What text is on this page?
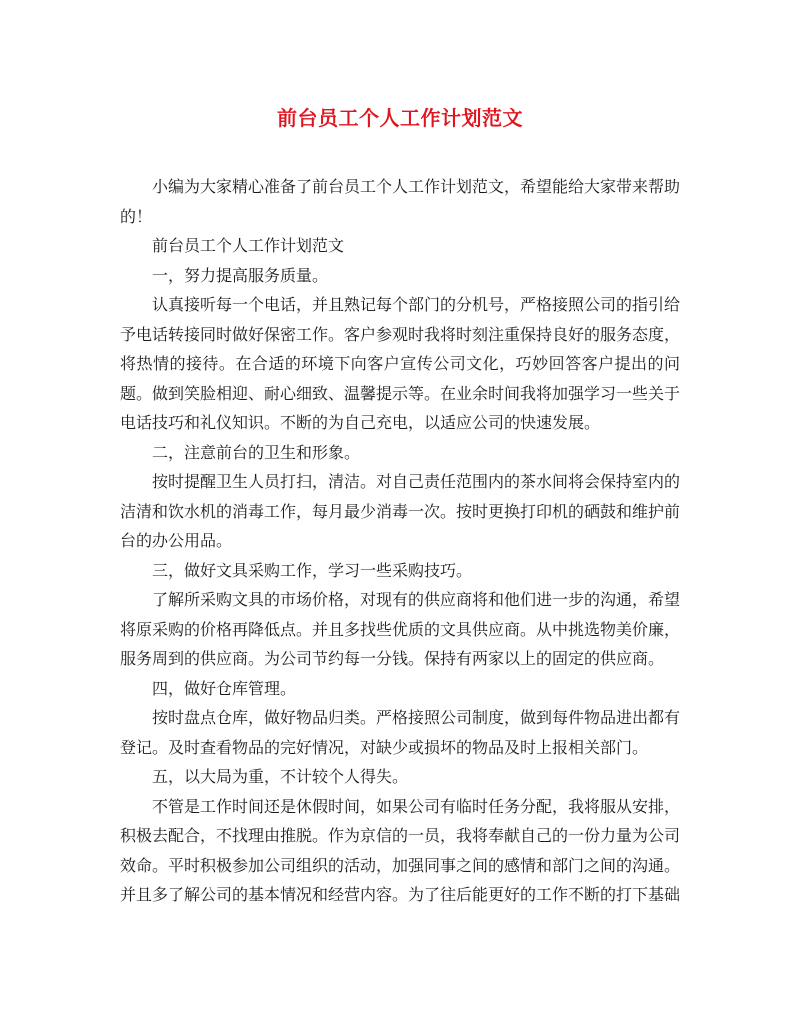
前台员工个人工作计划范文

小编为大家精心准备了前台员工个人工作计划范文，希望能给大家带来帮助的！

前台员工个人工作计划范文

一，努力提高服务质量。

认真接听每一个电话，并且熟记每个部门的分机号，严格接照公司的指引给予电话转接同时做好保密工作。客户参观时我将时刻注重保持良好的服务态度，将热情的接待。在合适的环境下向客户宣传公司文化，巧妙回答客户提出的问题。做到笑脸相迎、耐心细致、温馨提示等。在业余时间我将加强学习一些关于电话技巧和礼仪知识。不断的为自己充电，以适应公司的快速发展。

二，注意前台的卫生和形象。

按时提醒卫生人员打扫，清洁。对自己责任范围内的茶水间将会保持室内的洁清和饮水机的消毒工作，每月最少消毒一次。按时更换打印机的硒鼓和维护前台的办公用品。

三，做好文具采购工作，学习一些采购技巧。

了解所采购文具的市场价格，对现有的供应商将和他们进一步的沟通，希望将原采购的价格再降低点。并且多找些优质的文具供应商。从中挑选物美价廉，服务周到的供应商。为公司节约每一分钱。保持有两家以上的固定的供应商。

四，做好仓库管理。

按时盘点仓库，做好物品归类。严格接照公司制度，做到每件物品进出都有登记。及时查看物品的完好情况，对缺少或损坏的物品及时上报相关部门。

五，以大局为重，不计较个人得失。

不管是工作时间还是休假时间，如果公司有临时任务分配，我将服从安排，积极去配合，不找理由推脱。作为京信的一员，我将奉献自己的一份力量为公司效命。平时积极参加公司组织的活动，加强同事之间的感情和部门之间的沟通。并且多了解公司的基本情况和经营内容。为了往后能更好的工作不断的打下基础
